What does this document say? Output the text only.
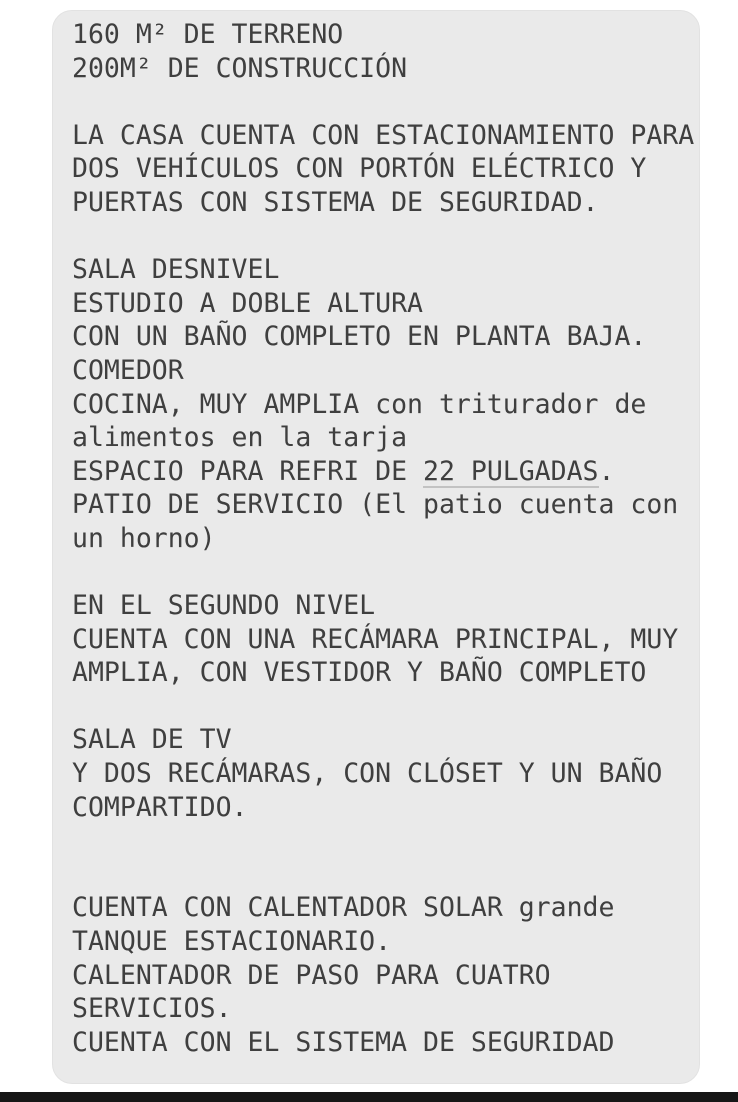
160 M² DE TERRENO
200M² DE CONSTRUCCIÓN
LA CASA CUENTA CON ESTACIONAMIENTO PARA
DOS VEHÍCULOS CON PORTÓN ELÉCTRICO Y
PUERTAS CON SISTEMA DE SEGURIDAD.
SALA DESNIVEL
ESTUDIO A DOBLE ALTURA
CON UN BAÑO COMPLETO EN PLANTA BAJA.
COMEDOR
COCINA, MUY AMPLIA con triturador de
alimentos en la tarja
ESPACIO PARA REFRI DE 22 PULGADAS.
PATIO DE SERVICIO (El patio cuenta con
un horno)
EN EL SEGUNDO NIVEL
CUENTA CON UNA RECÁMARA PRINCIPAL, MUY
AMPLIA, CON VESTIDOR Y BAÑO COMPLETO
SALA DE TV
Y DOS RECÁMARAS, CON CLÓSET Y UN BAÑO
COMPARTIDO.
CUENTA CON CALENTADOR SOLAR grande
TANQUE ESTACIONARIO.
CALENTADOR DE PASO PARA CUATRO
SERVICIOS.
CUENTA CON EL SISTEMA DE SEGURIDAD
